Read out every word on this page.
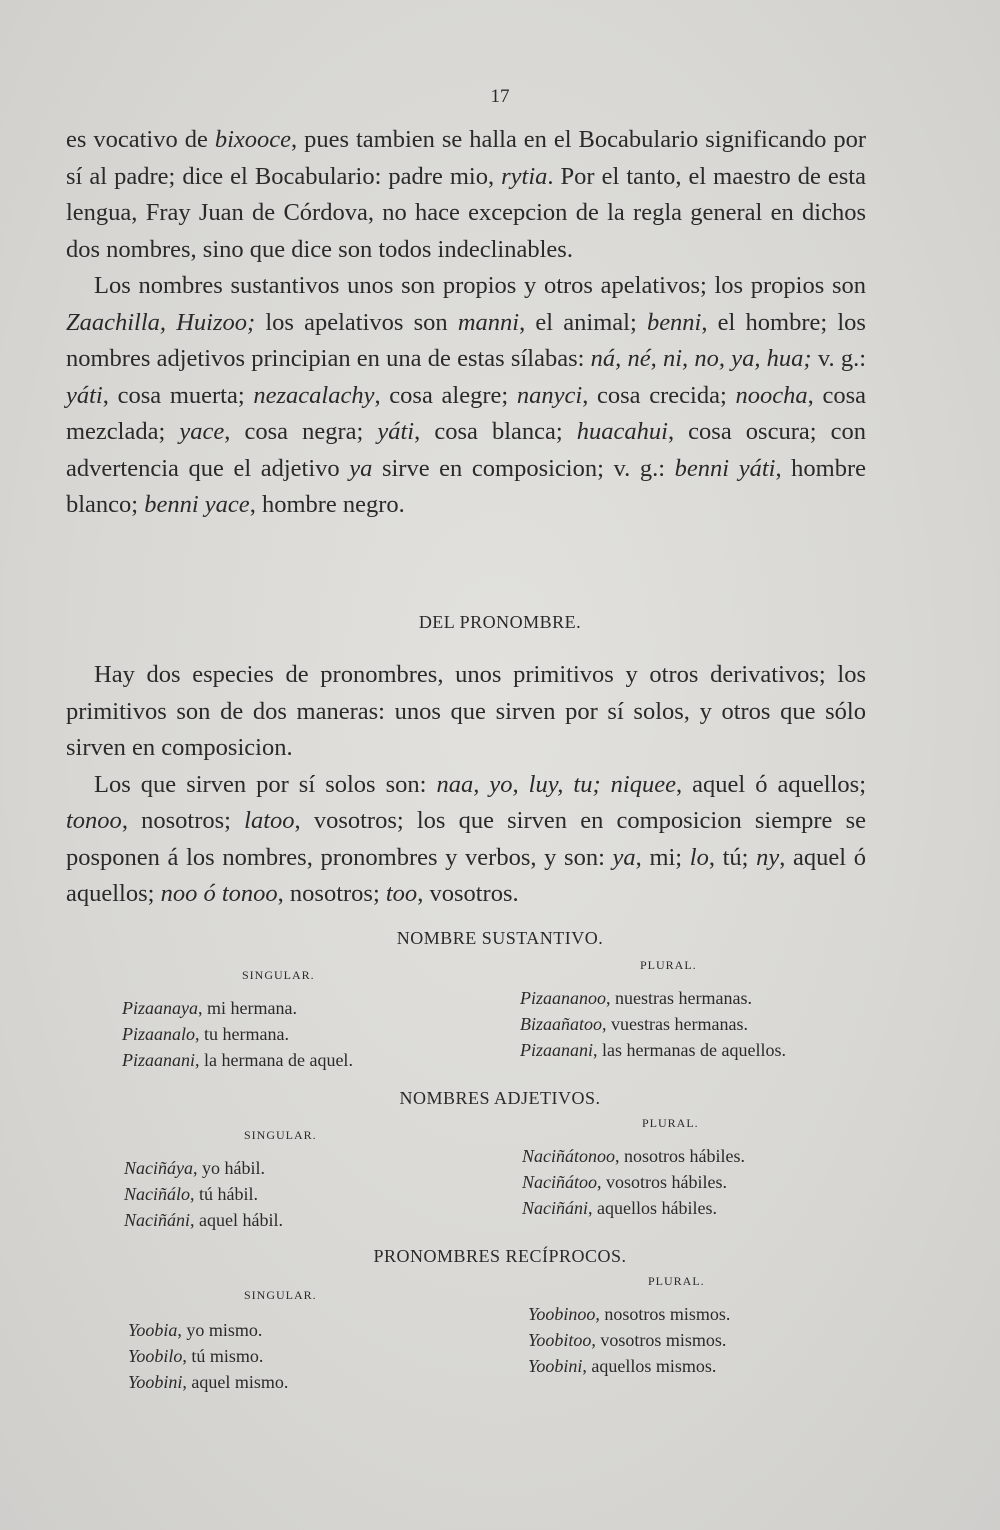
17

es vocativo de bixoocе, pues tambien se halla en el Bocabulario significando por sí al padre; dice el Bocabulario: padre mio, rytia. Por el tanto, el maestro de esta lengua, Fray Juan de Córdova, no hace excepcion de la regla general en dichos dos nombres, sino que dice son todos indeclinables.

Los nombres sustantivos unos son propios y otros apelativos; los propios son Zaachilla, Huizoo; los apelativos son manni, el animal; benni, el hombre; los nombres adjetivos principian en una de estas sílabas: ná, né, ni, no, ya, hua; v. g.: yáti, cosa muerta; nezacalachy, cosa alegre; nanyci, cosa crecida; noocha, cosa mezclada; yace, cosa negra; yáti, cosa blanca; huacahui, cosa oscura; con advertencia que el adjetivo ya sirve en composicion; v. g.: benni yáti, hombre blanco; benni yace, hombre negro.

DEL PRONOMBRE.

Hay dos especies de pronombres, unos primitivos y otros derivativos; los primitivos son de dos maneras: unos que sirven por sí solos, y otros que sólo sirven en composicion.

Los que sirven por sí solos son: naa, yo, luy, tu; niquee, aquel ó aquellos; tonoo, nosotros; latoo, vosotros; los que sirven en composicion siempre se posponen á los nombres, pronombres y verbos, y son: ya, mi; lo, tú; ny, aquel ó aquellos; noo ó tonoo, nosotros; too, vosotros.

NOMBRE SUSTANTIVO.
SINGULAR.
PLURAL.
Pizaanaya, mi hermana.
Pizaanalo, tu hermana.
Pizaanani, la hermana de aquel.
Pizaananoo, nuestras hermanas.
Bizaañatoo, vuestras hermanas.
Pizaanani, las hermanas de aquellos.
NOMBRES ADJETIVOS.
SINGULAR.
PLURAL.
Naciñáya, yo hábil.
Naciñálo, tú hábil.
Naciñáni, aquel hábil.
Naciñátonoo, nosotros hábiles.
Naciñátoo, vosotros hábiles.
Naciñáni, aquellos hábiles.
PRONOMBRES RECÍPROCOS.
SINGULAR.
PLURAL.
Yoobia, yo mismo.
Yoobilo, tú mismo.
Yoobini, aquel mismo.
Yoobinoo, nosotros mismos.
Yoobitoo, vosotros mismos.
Yoobini, aquellos mismos.
